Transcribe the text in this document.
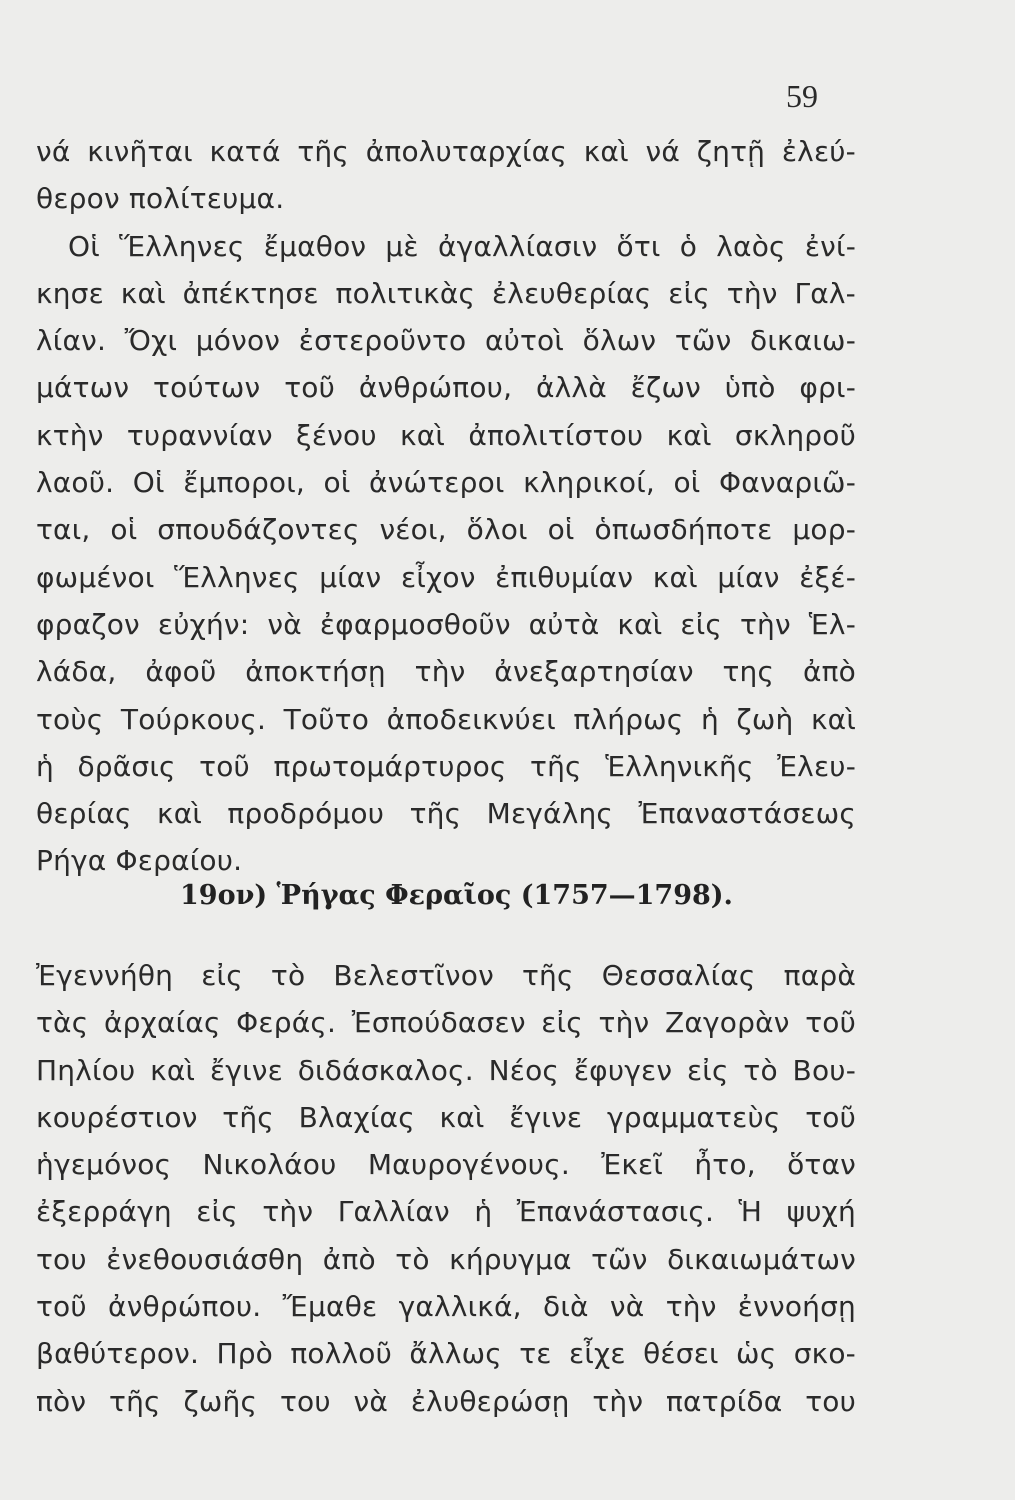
59
νά κινῆται κατά τῆς ἀπολυταρχίας καὶ νά ζητῇ ἐλεύ-
θερον πολίτευμα.
Οἱ Ἕλληνες ἔμαθον μὲ ἀγαλλίασιν ὅτι ὁ λαὸς ἐνί-
κησε καὶ ἀπέκτησε πολιτικὰς ἐλευθερίας εἰς τὴν Γαλ-
λίαν. Ὄχι μόνον ἐστεροῦντο αὐτοὶ ὅλων τῶν δικαιω-
μάτων τούτων τοῦ ἀνθρώπου, ἀλλὰ ἔζων ὑπὸ φρι-
κτὴν τυραννίαν ξένου καὶ ἀπολιτίστου καὶ σκληροῦ
λαοῦ. Οἱ ἔμποροι, οἱ ἀνώτεροι κληρικοί, οἱ Φαναριῶ-
ται, οἱ σπουδάζοντες νέοι, ὅλοι οἱ ὁπωσδήποτε μορ-
φωμένοι Ἕλληνες μίαν εἶχον ἐπιθυμίαν καὶ μίαν ἐξέ-
φραζον εὐχήν: νὰ ἐφαρμοσθοῦν αὐτὰ καὶ εἰς τὴν Ἑλ-
λάδα, ἀφοῦ ἀποκτήσῃ τὴν ἀνεξαρτησίαν της ἀπὸ
τοὺς Τούρκους. Τοῦτο ἀποδεικνύει πλήρως ἡ ζωὴ καὶ
ἡ δρᾶσις τοῦ πρωτομάρτυρος τῆς Ἑλληνικῆς Ἐλευ-
θερίας καὶ προδρόμου τῆς Μεγάλης Ἐπαναστάσεως
Ρήγα Φεραίου.
19ον) Ῥήγας Φεραῖος (1757—1798).
Ἐγεννήθη εἰς τὸ Βελεστῖνον τῆς Θεσσαλίας παρὰ
τὰς ἀρχαίας Φεράς. Ἐσπούδασεν εἰς τὴν Ζαγορὰν τοῦ
Πηλίου καὶ ἔγινε διδάσκαλος. Νέος ἔφυγεν εἰς τὸ Βου-
κουρέστιον τῆς Βλαχίας καὶ ἔγινε γραμματεὺς τοῦ
ἡγεμόνος Νικολάου Μαυρογένους. Ἐκεῖ ἦτο, ὅταν
ἐξερράγη εἰς τὴν Γαλλίαν ἡ Ἐπανάστασις. Ἡ ψυχή
του ἐνεθουσιάσθη ἀπὸ τὸ κήρυγμα τῶν δικαιωμάτων
τοῦ ἀνθρώπου. Ἔμαθε γαλλικά, διὰ νὰ τὴν ἐννοήσῃ
βαθύτερον. Πρὸ πολλοῦ ἄλλως τε εἶχε θέσει ὡς σκο-
πὸν τῆς ζωῆς του νὰ ἐλυθερώσῃ τὴν πατρίδα του
